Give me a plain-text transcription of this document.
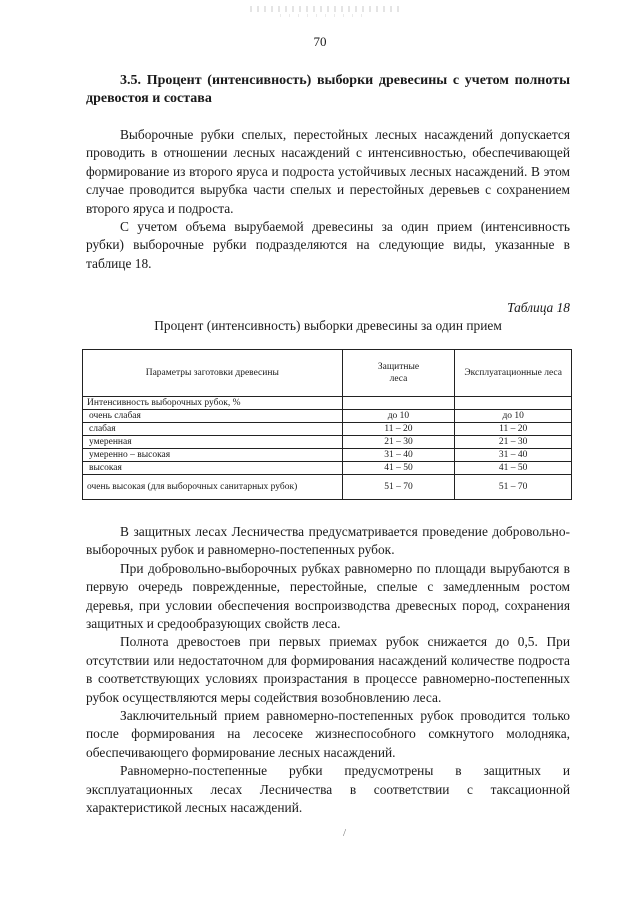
70
3.5. Процент (интенсивность) выборки древесины с учетом полноты древостоя и состава

Выборочные рубки спелых, перестойных лесных насаждений допускается проводить в отношении лесных насаждений с интенсивностью, обеспечивающей формирование из второго яруса и подроста устойчивых лесных насаждений. В этом случае проводится вырубка части спелых и перестойных деревьев с сохранением второго яруса и подроста.

С учетом объема вырубаемой древесины за один прием (интенсивность рубки) выборочные рубки подразделяются на следующие виды, указанные в таблице 18.

Таблица 18
Процент (интенсивность) выборки древесины за один прием
Параметры заготовки древесины	Защитные леса	Эксплуатационные леса
Интенсивность выборочных рубок, %		
очень слабая	до 10	до 10
слабая	11 – 20	11 – 20
умеренная	21 – 30	21 – 30
умеренно – высокая	31 – 40	31 – 40
высокая	41 – 50	41 – 50
очень высокая (для выборочных санитарных рубок)	51 – 70	51 – 70

В защитных лесах Лесничества предусматривается проведение добровольно-выборочных рубок и равномерно-постепенных рубок.

При добровольно-выборочных рубках равномерно по площади вырубаются в первую очередь поврежденные, перестойные, спелые с замедленным ростом деревья, при условии обеспечения воспроизводства древесных пород, сохранения защитных и средообразующих свойств леса.

Полнота древостоев при первых приемах рубок снижается до 0,5. При отсутствии или недостаточном для формирования насаждений количестве подроста в соответствующих условиях произрастания в процессе равномерно-постепенных рубок осуществляются меры содействия возобновлению леса.

Заключительный прием равномерно-постепенных рубок проводится только после формирования на лесосеке жизнеспособного сомкнутого молодняка, обеспечивающего формирование лесных насаждений.

Равномерно-постепенные рубки предусмотрены в защитных и эксплуатационных лесах Лесничества в соответствии с таксационной характеристикой лесных насаждений.

/
